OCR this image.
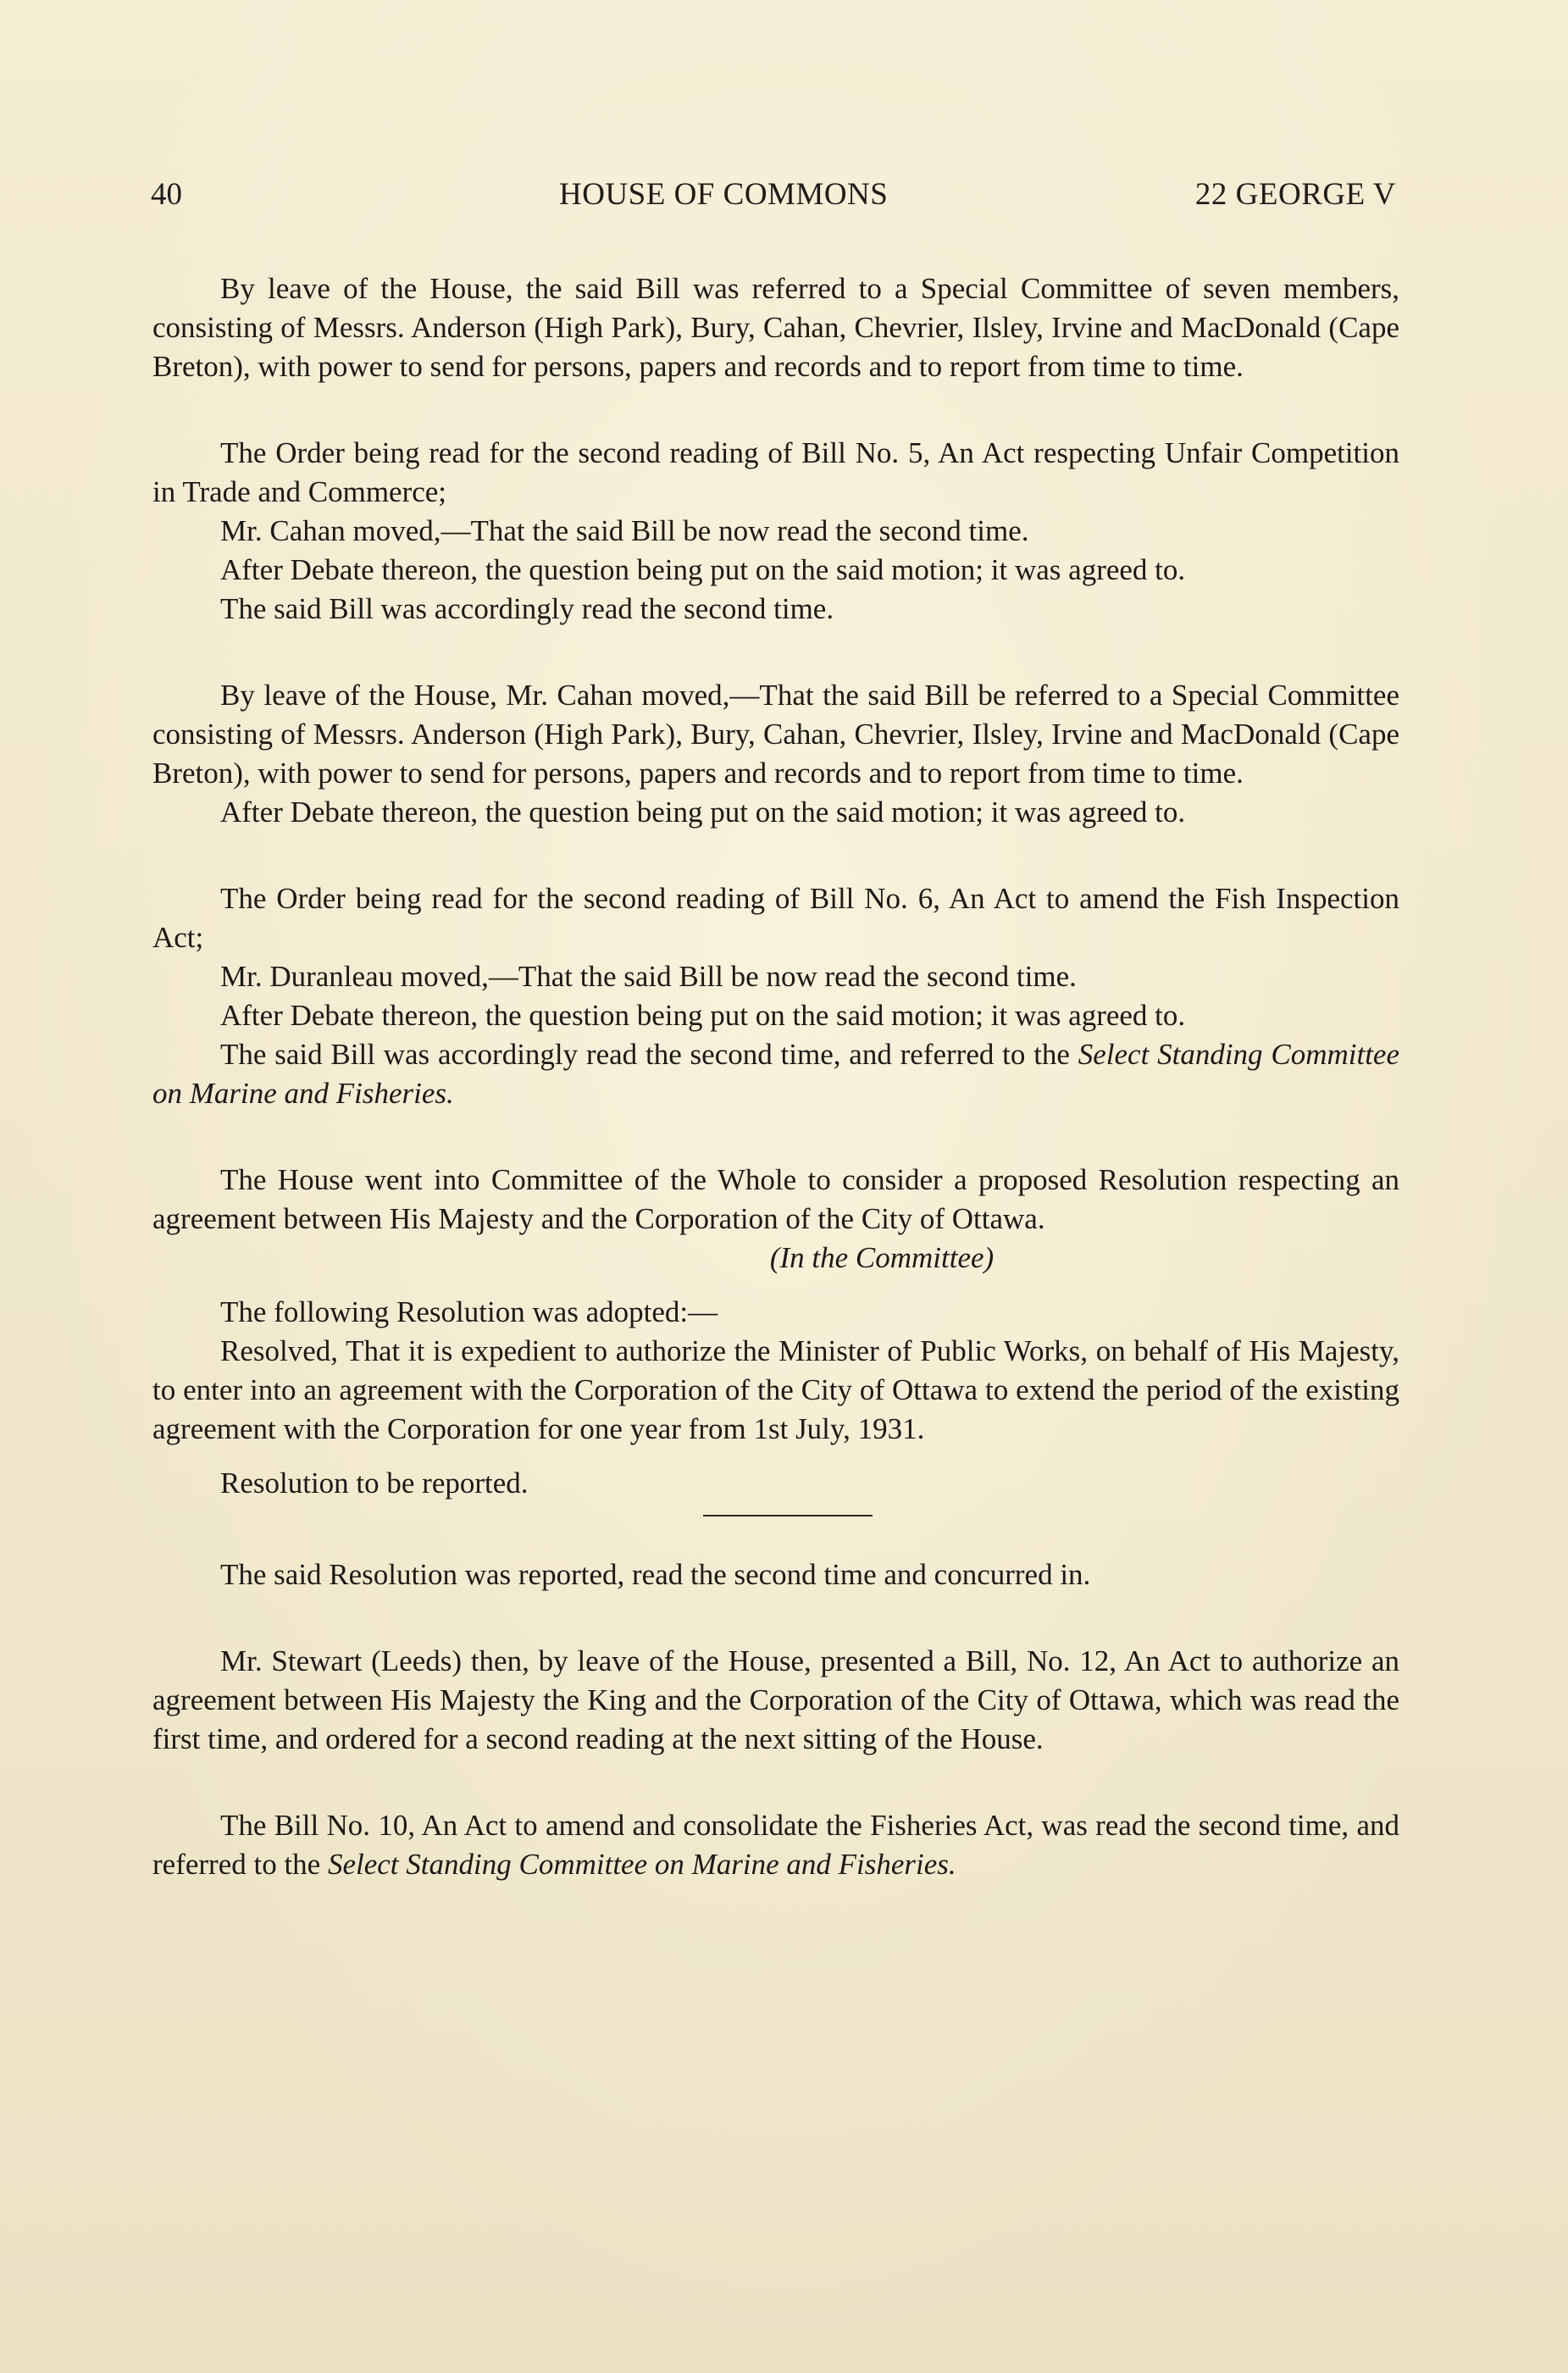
40	HOUSE OF COMMONS	22 GEORGE V

By leave of the House, the said Bill was referred to a Special Committee of seven members, consisting of Messrs. Anderson (High Park), Bury, Cahan, Chevrier, Ilsley, Irvine and MacDonald (Cape Breton), with power to send for persons, papers and records and to report from time to time.

The Order being read for the second reading of Bill No. 5, An Act respecting Unfair Competition in Trade and Commerce;

Mr. Cahan moved,—That the said Bill be now read the second time.

After Debate thereon, the question being put on the said motion; it was agreed to.

The said Bill was accordingly read the second time.

By leave of the House, Mr. Cahan moved,—That the said Bill be referred to a Special Committee consisting of Messrs. Anderson (High Park), Bury, Cahan, Chevrier, Ilsley, Irvine and MacDonald (Cape Breton), with power to send for persons, papers and records and to report from time to time.

After Debate thereon, the question being put on the said motion; it was agreed to.

The Order being read for the second reading of Bill No. 6, An Act to amend the Fish Inspection Act;

Mr. Duranleau moved,—That the said Bill be now read the second time.

After Debate thereon, the question being put on the said motion; it was agreed to.

The said Bill was accordingly read the second time, and referred to the Select Standing Committee on Marine and Fisheries.

The House went into Committee of the Whole to consider a proposed Resolution respecting an agreement between His Majesty and the Corporation of the City of Ottawa.

(In the Committee)

The following Resolution was adopted:—

Resolved, That it is expedient to authorize the Minister of Public Works, on behalf of His Majesty, to enter into an agreement with the Corporation of the City of Ottawa to extend the period of the existing agreement with the Corporation for one year from 1st July, 1931.

Resolution to be reported.

The said Resolution was reported, read the second time and concurred in.

Mr. Stewart (Leeds) then, by leave of the House, presented a Bill, No. 12, An Act to authorize an agreement between His Majesty the King and the Corporation of the City of Ottawa, which was read the first time, and ordered for a second reading at the next sitting of the House.

The Bill No. 10, An Act to amend and consolidate the Fisheries Act, was read the second time, and referred to the Select Standing Committee on Marine and Fisheries.
